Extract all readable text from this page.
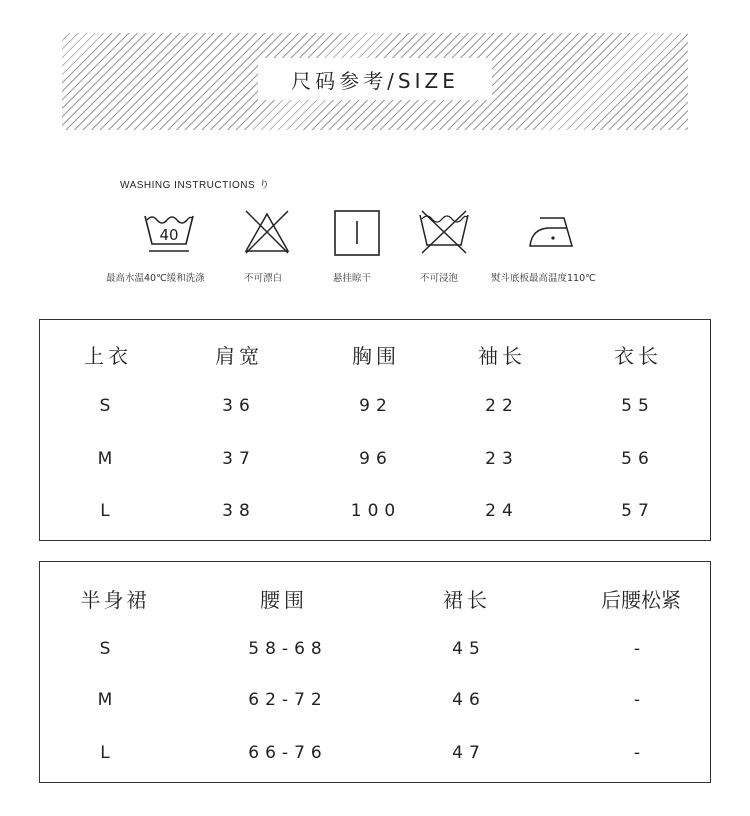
尺码参考/SIZE
WASHING INSTRUCTIONS り
40
最高水温40℃缓和洗涤	不可漂白	悬挂晾干	不可浸泡	熨斗底板最高温度110℃
上衣	肩宽	胸围	袖长	衣长
S	36	92	22	55
M	37	96	23	56
L	38	100	24	57
半身裙	腰围	裙长	后腰松紧
S	58-68	45	-
M	62-72	46	-
L	66-76	47	-
